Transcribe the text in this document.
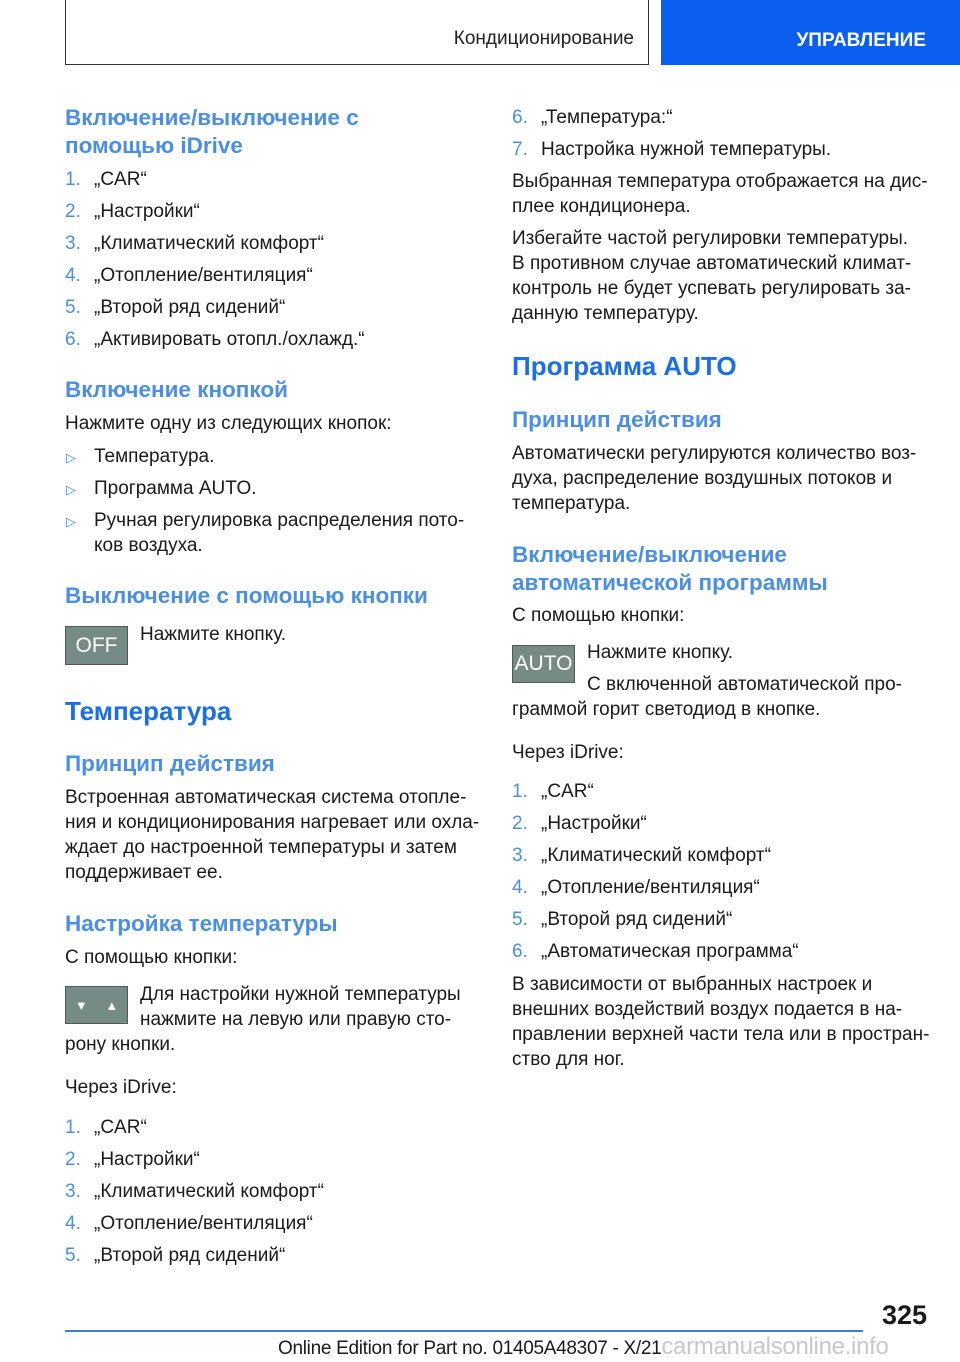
Кондиционирование	УПРАВЛЕНИЕ
325
Online Edition for Part no. 01405A48307 - X/21carmanualsonline.info
Включение/выключение с
помощью iDrive
1. „CAR“
2. „Настройки“
3. „Климатический комфорт“
4. „Отопление/вентиляция“
5. „Второй ряд сидений“
6. „Активировать отопл./охлажд.“
Включение кнопкой
Нажмите одну из следующих кнопок:
▷ Температура.
▷ Программа AUTO.
▷ Ручная регулировка распределения пото-
ков воздуха.
Выключение с помощью кнопки
OFF	Нажмите кнопку.
Температура
Принцип действия
Встроенная автоматическая система отопле-
ния и кондиционирования нагревает или охла-
ждает до настроенной температуры и затем
поддерживает ее.
Настройка температуры
С помощью кнопки:
▼ ▲ Для настройки нужной температуры
нажмите на левую или правую сто-
рону кнопки.
Через iDrive:
1. „CAR“
2. „Настройки“
3. „Климатический комфорт“
4. „Отопление/вентиляция“
5. „Второй ряд сидений“
6. „Температура:“
7. Настройка нужной температуры.
Выбранная температура отображается на дис-
плее кондиционера.
Избегайте частой регулировки температуры.
В противном случае автоматический климат-
контроль не будет успевать регулировать за-
данную температуру.
Программа AUTO
Принцип действия
Автоматически регулируются количество воз-
духа, распределение воздушных потоков и
температура.
Включение/выключение
автоматической программы
С помощью кнопки:
AUTO Нажмите кнопку.
С включенной автоматической про-
граммой горит светодиод в кнопке.
Через iDrive:
1. „CAR“
2. „Настройки“
3. „Климатический комфорт“
4. „Отопление/вентиляция“
5. „Второй ряд сидений“
6. „Автоматическая программа“
В зависимости от выбранных настроек и
внешних воздействий воздух подается в на-
правлении верхней части тела или в простран-
ство для ног.
